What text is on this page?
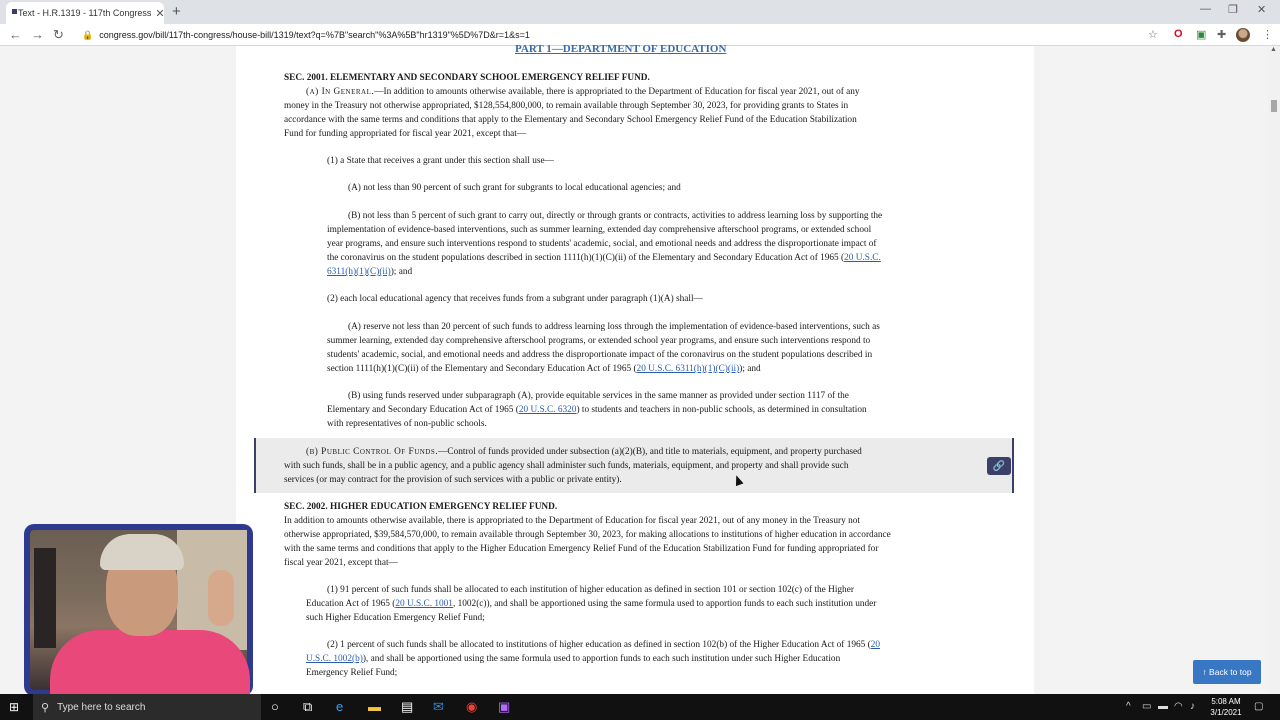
Text - H.R.1319 - 117th Congress ✕ +	— ❐ ✕
← → ↻ 🔒 congress.gov/bill/117th-congress/house-bill/1319/text?q=%7B"search"%3A%5B"hr1319"%5D%7D&r=1&s=1	☆ O ▣ ✚	⋮
PART 1—DEPARTMENT OF EDUCATION
SEC. 2001. ELEMENTARY AND SECONDARY SCHOOL EMERGENCY RELIEF FUND.
(a) In General.—In addition to amounts otherwise available, there is appropriated to the Department of Education for fiscal year 2021, out of any
money in the Treasury not otherwise appropriated, $128,554,800,000, to remain available through September 30, 2023, for providing grants to States in
accordance with the same terms and conditions that apply to the Elementary and Secondary School Emergency Relief Fund of the Education Stabilization
Fund for funding appropriated for fiscal year 2021, except that—
(1) a State that receives a grant under this section shall use—
(A) not less than 90 percent of such grant for subgrants to local educational agencies; and
(B) not less than 5 percent of such grant to carry out, directly or through grants or contracts, activities to address learning loss by supporting the
implementation of evidence-based interventions, such as summer learning, extended day comprehensive afterschool programs, or extended school
year programs, and ensure such interventions respond to students' academic, social, and emotional needs and address the disproportionate impact of
the coronavirus on the student populations described in section 1111(h)(1)(C)(ii) of the Elementary and Secondary Education Act of 1965 (20 U.S.C.
6311(h)(1)(C)(ii)); and
(2) each local educational agency that receives funds from a subgrant under paragraph (1)(A) shall—
(A) reserve not less than 20 percent of such funds to address learning loss through the implementation of evidence-based interventions, such as
summer learning, extended day comprehensive afterschool programs, or extended school year programs, and ensure such interventions respond to
students' academic, social, and emotional needs and address the disproportionate impact of the coronavirus on the student populations described in
section 1111(h)(1)(C)(ii) of the Elementary and Secondary Education Act of 1965 (20 U.S.C. 6311(h)(1)(C)(ii)); and
(B) using funds reserved under subparagraph (A), provide equitable services in the same manner as provided under section 1117 of the
Elementary and Secondary Education Act of 1965 (20 U.S.C. 6320) to students and teachers in non-public schools, as determined in consultation
with representatives of non-public schools.
(b) Public Control Of Funds.—Control of funds provided under subsection (a)(2)(B), and title to materials, equipment, and property purchased
with such funds, shall be in a public agency, and a public agency shall administer such funds, materials, equipment, and property and shall provide such
services (or may contract for the provision of such services with a public or private entity).
SEC. 2002. HIGHER EDUCATION EMERGENCY RELIEF FUND.
In addition to amounts otherwise available, there is appropriated to the Department of Education for fiscal year 2021, out of any money in the Treasury not
otherwise appropriated, $39,584,570,000, to remain available through September 30, 2023, for making allocations to institutions of higher education in accordance
with the same terms and conditions that apply to the Higher Education Emergency Relief Fund of the Education Stabilization Fund for funding appropriated for
fiscal year 2021, except that—
(1) 91 percent of such funds shall be allocated to each institution of higher education as defined in section 101 or section 102(c) of the Higher
Education Act of 1965 (20 U.S.C. 1001, 1002(c)), and shall be apportioned using the same formula used to apportion funds to each such institution under
such Higher Education Emergency Relief Fund;
(2) 1 percent of such funds shall be allocated to institutions of higher education as defined in section 102(b) of the Higher Education Act of 1965 (20
U.S.C. 1002(b)), and shall be apportioned using the same formula used to apportion funds to each such institution under such Higher Education
Emergency Relief Fund;
🔗
↑ Back to top
▲
⊞ ⚲ Type here to search	○ ⧉ e ▬ ▤ ✉ ◉ ▣	^ ▭ ▬ ◠ ♪	5:08 AM
3/1/2021
▢
